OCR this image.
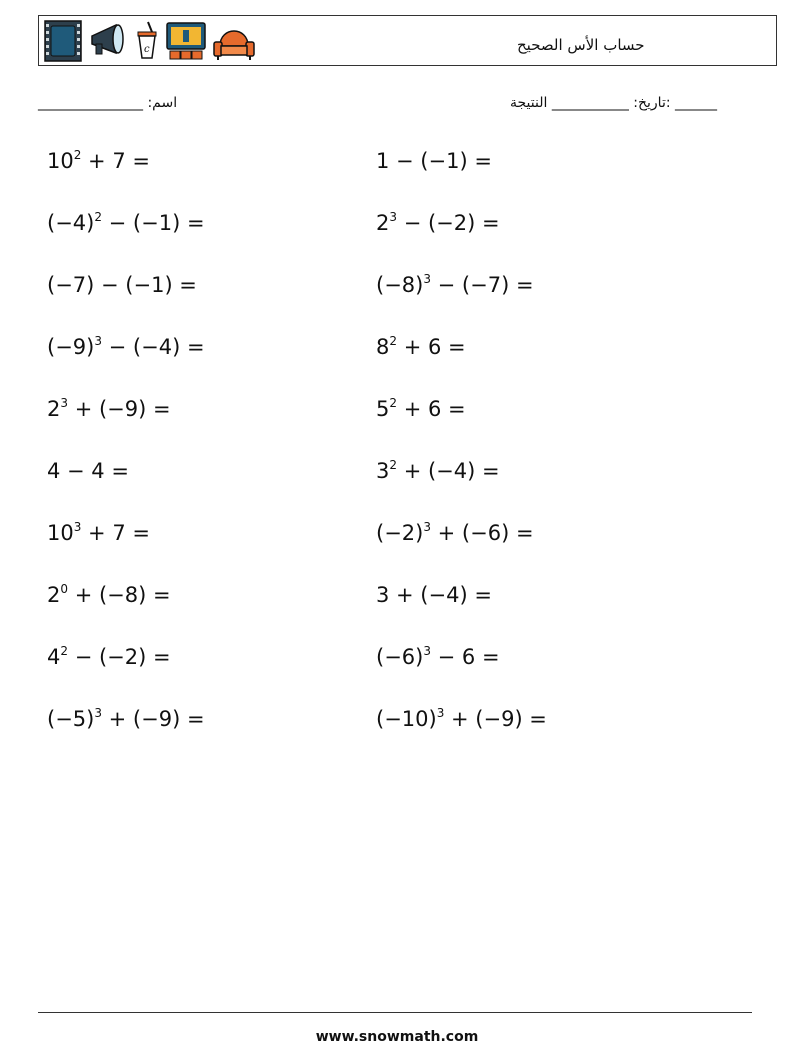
c	حساب الأس الصحيح
اسم: _______________	______ :تاريخ: ___________ النتيجة
$10^2 + 7$ =
$(-4)^2 - (-1)$ =
(−7) − (−1) =
$(-9)^3 - (-4)$ =
$2^3 + (-9)$ =
4 − 4 =
$10^3 + 7$ =
$2^0 + (-8)$ =
$4^2 - (-2)$ =
$(-5)^3 + (-9)$ =
1 − (−1) =
$2^3 - (-2)$ =
$(-8)^3 - (-7)$ =
$8^2 + 6$ =
$5^2 + 6$ =
$3^2 + (-4)$ =
$(-2)^3 + (-6)$ =
3 + (−4) =
$(-6)^3 - 6$ =
$(-10)^3 + (-9)$ =
www.snowmath.com
